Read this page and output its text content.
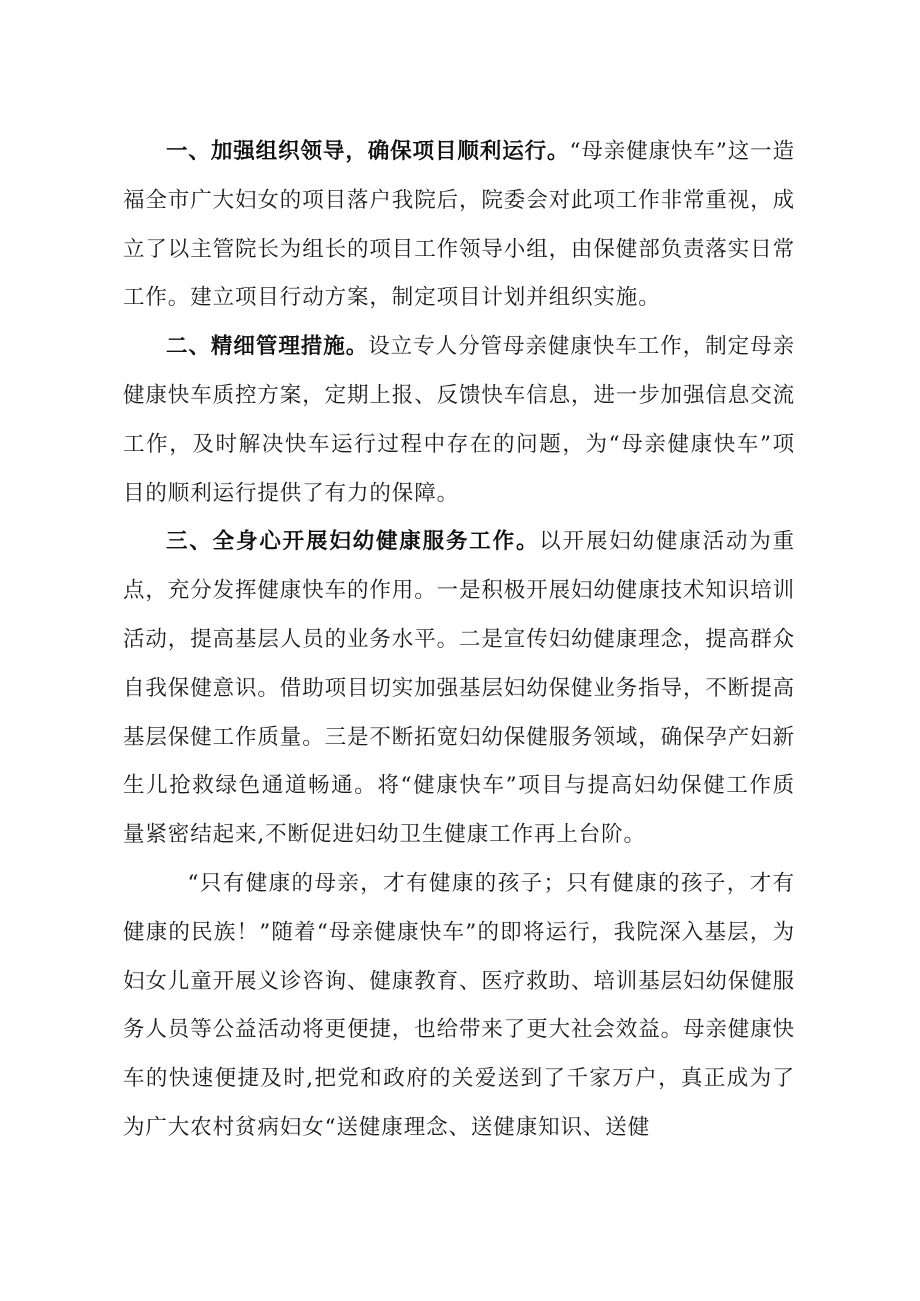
一、加强组织领导，确保项目顺利运行。“母亲健康快车”这一造福全市广大妇女的项目落户我院后，院委会对此项工作非常重视，成立了以主管院长为组长的项目工作领导小组，由保健部负责落实日常工作。建立项目行动方案，制定项目计划并组织实施。

二、精细管理措施。设立专人分管母亲健康快车工作，制定母亲健康快车质控方案，定期上报、反馈快车信息，进一步加强信息交流工作，及时解决快车运行过程中存在的问题，为“母亲健康快车”项目的顺利运行提供了有力的保障。

三、全身心开展妇幼健康服务工作。以开展妇幼健康活动为重点，充分发挥健康快车的作用。一是积极开展妇幼健康技术知识培训活动，提高基层人员的业务水平。二是宣传妇幼健康理念，提高群众自我保健意识。借助项目切实加强基层妇幼保健业务指导，不断提高基层保健工作质量。三是不断拓宽妇幼保健服务领域，确保孕产妇新生儿抢救绿色通道畅通。将“健康快车”项目与提高妇幼保健工作质量紧密结起来,不断促进妇幼卫生健康工作再上台阶。

“只有健康的母亲，才有健康的孩子；只有健康的孩子，才有健康的民族！”随着“母亲健康快车”的即将运行，我院深入基层，为妇女儿童开展义诊咨询、健康教育、医疗救助、培训基层妇幼保健服务人员等公益活动将更便捷，也给带来了更大社会效益。母亲健康快车的快速便捷及时,把党和政府的关爱送到了千家万户，真正成为了为广大农村贫病妇女“送健康理念、送健康知识、送健
